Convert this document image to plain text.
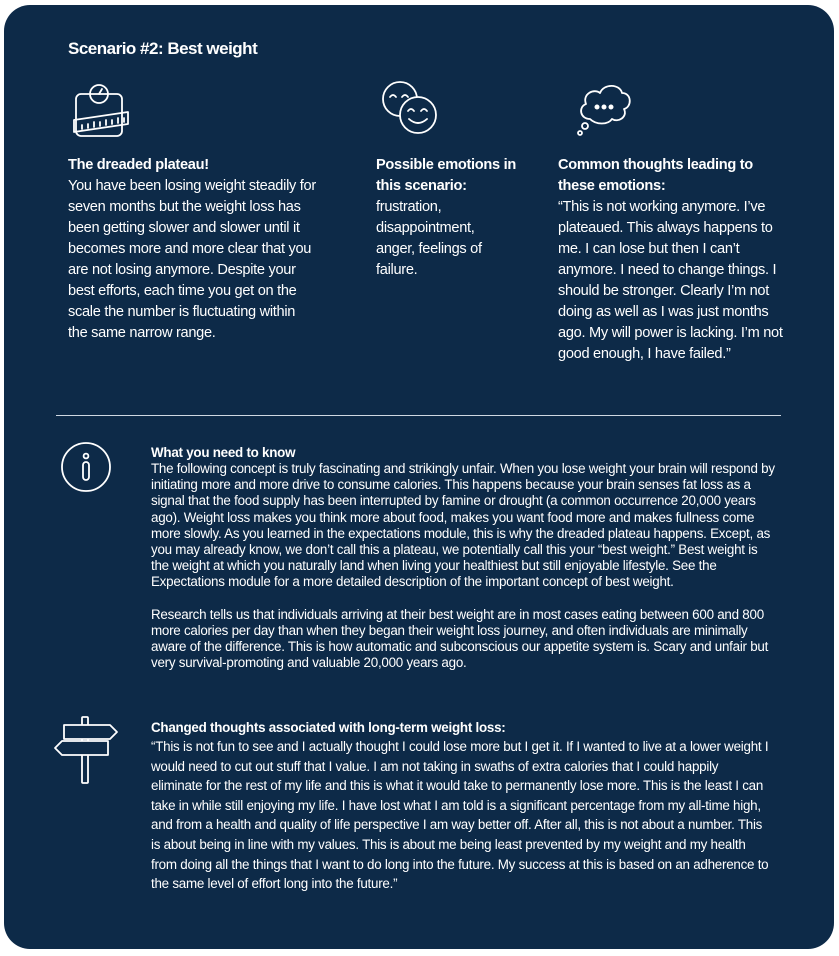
Scenario #2: Best weight
The dreaded plateau!
You have been losing weight steadily for seven months but the weight loss has been getting slower and slower until it becomes more and more clear that you are not losing anymore. Despite your best efforts, each time you get on the scale the number is fluctuating within the same narrow range.
Possible emotions in this scenario:
frustration, disappointment, anger, feelings of failure.
Common thoughts leading to these emotions:
“This is not working anymore. I’ve plateaued. This always happens to me. I can lose but then I can’t anymore. I need to change things. I should be stronger. Clearly I’m not doing as well as I was just months ago. My will power is lacking. I’m not good enough, I have failed.”
What you need to know

The following concept is truly fascinating and strikingly unfair. When you lose weight your brain will respond by initiating more and more drive to consume calories. This happens because your brain senses fat loss as a signal that the food supply has been interrupted by famine or drought (a common occurrence 20,000 years ago). Weight loss makes you think more about food, makes you want food more and makes fullness come more slowly. As you learned in the expectations module, this is why the dreaded plateau happens. Except, as you may already know, we don’t call this a plateau, we potentially call this your “best weight.” Best weight is the weight at which you naturally land when living your healthiest but still enjoyable lifestyle. See the Expectations module for a more detailed description of the important concept of best weight.

Research tells us that individuals arriving at their best weight are in most cases eating between 600 and 800 more calories per day than when they began their weight loss journey, and often individuals are minimally aware of the difference. This is how automatic and subconscious our appetite system is. Scary and unfair but very survival-promoting and valuable 20,000 years ago.

Changed thoughts associated with long-term weight loss:

“This is not fun to see and I actually thought I could lose more but I get it. If I wanted to live at a lower weight I would need to cut out stuff that I value. I am not taking in swaths of extra calories that I could happily eliminate for the rest of my life and this is what it would take to permanently lose more. This is the least I can take in while still enjoying my life. I have lost what I am told is a significant percentage from my all-time high, and from a health and quality of life perspective I am way better off. After all, this is not about a number. This is about being in line with my values. This is about me being least prevented by my weight and my health from doing all the things that I want to do long into the future. My success at this is based on an adherence to the same level of effort long into the future.”
